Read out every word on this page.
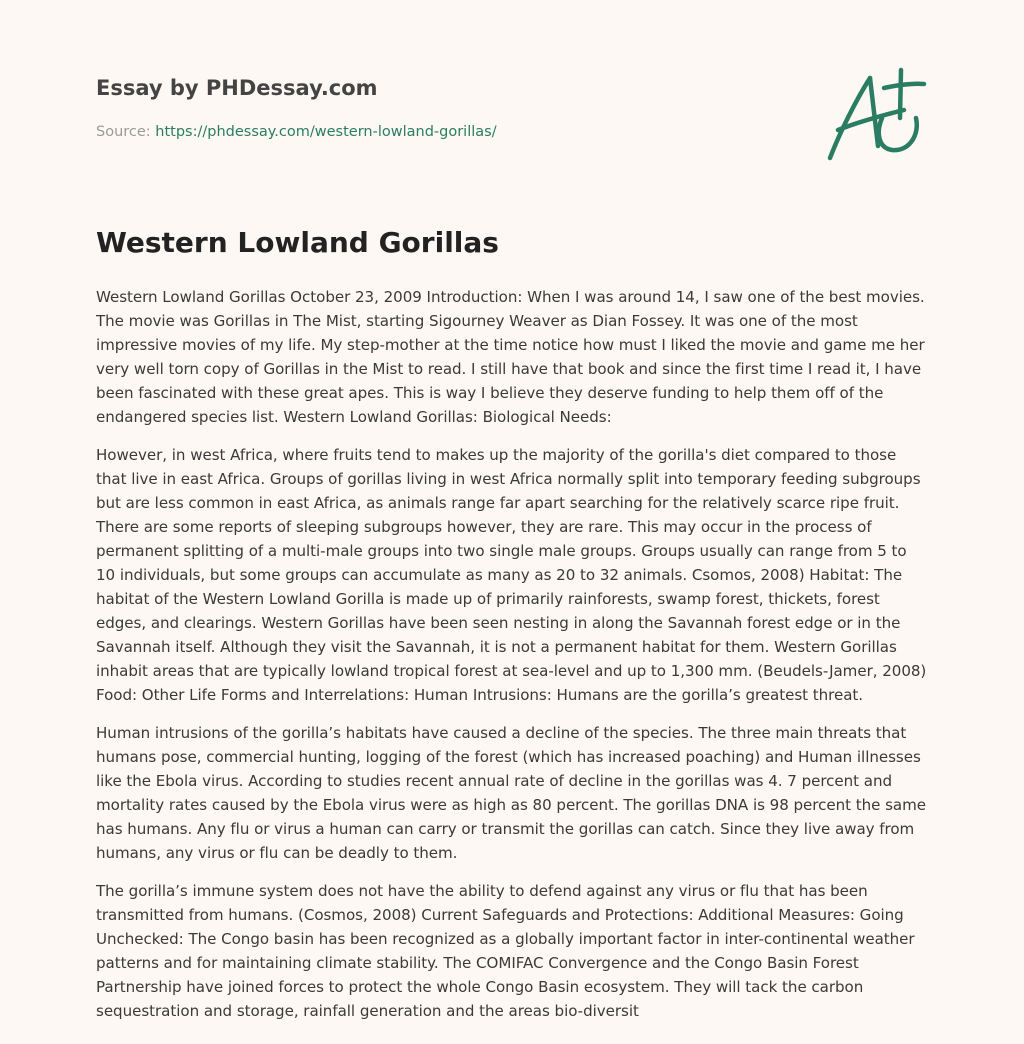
Essay by PHDessay.com

Source: https://phdessay.com/western-lowland-gorillas/

Western Lowland Gorillas

Western Lowland Gorillas October 23, 2009 Introduction: When I was around 14, I saw one of the best movies. The movie was Gorillas in The Mist, starting Sigourney Weaver as Dian Fossey. It was one of the most impressive movies of my life. My step-mother at the time notice how must I liked the movie and game me her very well torn copy of Gorillas in the Mist to read. I still have that book and since the first time I read it, I have been fascinated with these great apes. This is way I believe they deserve funding to help them off of the endangered species list. Western Lowland Gorillas: Biological Needs:

However, in west Africa, where fruits tend to makes up the majority of the gorilla's diet compared to those that live in east Africa. Groups of gorillas living in west Africa normally split into temporary feeding subgroups but are less common in east Africa, as animals range far apart searching for the relatively scarce ripe fruit. There are some reports of sleeping subgroups however, they are rare. This may occur in the process of permanent splitting of a multi-male groups into two single male groups. Groups usually can range from 5 to 10 individuals, but some groups can accumulate as many as 20 to 32 animals. Csomos, 2008) Habitat: The habitat of the Western Lowland Gorilla is made up of primarily rainforests, swamp forest, thickets, forest edges, and clearings. Western Gorillas have been seen nesting in along the Savannah forest edge or in the Savannah itself. Although they visit the Savannah, it is not a permanent habitat for them. Western Gorillas inhabit areas that are typically lowland tropical forest at sea-level and up to 1,300 mm. (Beudels-Jamer, 2008) Food: Other Life Forms and Interrelations: Human Intrusions: Humans are the gorilla’s greatest threat.

Human intrusions of the gorilla’s habitats have caused a decline of the species. The three main threats that humans pose, commercial hunting, logging of the forest (which has increased poaching) and Human illnesses like the Ebola virus. According to studies recent annual rate of decline in the gorillas was 4. 7 percent and mortality rates caused by the Ebola virus were as high as 80 percent. The gorillas DNA is 98 percent the same has humans. Any flu or virus a human can carry or transmit the gorillas can catch. Since they live away from humans, any virus or flu can be deadly to them.

The gorilla’s immune system does not have the ability to defend against any virus or flu that has been transmitted from humans. (Cosmos, 2008) Current Safeguards and Protections: Additional Measures: Going Unchecked: The Congo basin has been recognized as a globally important factor in inter-continental weather patterns and for maintaining climate stability. The COMIFAC Convergence and the Congo Basin Forest Partnership have joined forces to protect the whole Congo Basin ecosystem. They will tack the carbon sequestration and storage, rainfall generation and the areas bio-diversit
